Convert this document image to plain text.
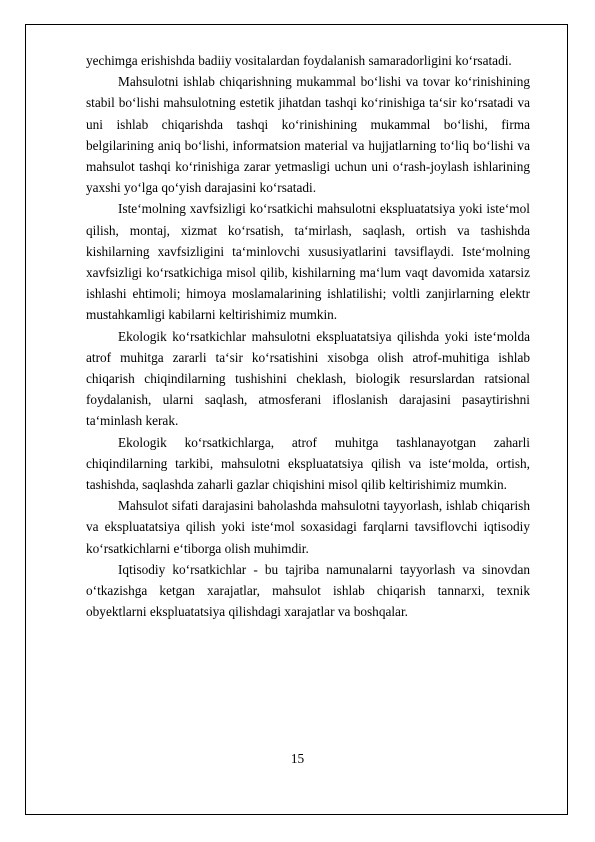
yechimga erishishda badiiy vositalardan foydalanish samaradorligini koʻrsatadi.

Mahsulotni ishlab chiqarishning mukammal boʻlishi va tovar koʻrinishining stabil boʻlishi mahsulotning estetik jihatdan tashqi koʻrinishiga taʻsir koʻrsatadi va uni ishlab chiqarishda tashqi koʻrinishining mukammal boʻlishi, firma belgilarining aniq boʻlishi, informatsion material va hujjatlarning toʻliq boʻlishi va mahsulot tashqi koʻrinishiga zarar yetmasligi uchun uni oʻrash-joylash ishlarining yaxshi yoʻlga qoʻyish darajasini koʻrsatadi.

Isteʻmolning xavfsizligi koʻrsatkichi mahsulotni ekspluatatsiya yoki isteʻmol qilish, montaj, xizmat koʻrsatish, taʻmirlash, saqlash, ortish va tashishda kishilarning xavfsizligini taʻminlovchi xususiyatlarini tavsiflaydi. Isteʻmolning xavfsizligi koʻrsatkichiga misol qilib, kishilarning maʻlum vaqt davomida xatarsiz ishlashi ehtimoli; himoya moslamalarining ishlatilishi; voltli zanjirlarning elektr mustahkamligi kabilarni keltirishimiz mumkin.

Ekologik koʻrsatkichlar mahsulotni ekspluatatsiya qilishda yoki isteʻmolda atrof muhitga zararli taʻsir koʻrsatishini xisobga olish atrof-muhitiga ishlab chiqarish chiqindilarning tushishini cheklash, biologik resurslardan ratsional foydalanish, ularni saqlash, atmosferani ifloslanish darajasini pasaytirishni taʻminlash kerak.

Ekologik koʻrsatkichlarga, atrof muhitga tashlanayotgan zaharli chiqindilarning tarkibi, mahsulotni ekspluatatsiya qilish va isteʻmolda, ortish, tashishda, saqlashda zaharli gazlar chiqishini misol qilib keltirishimiz mumkin.

Mahsulot sifati darajasini baholashda mahsulotni tayyorlash, ishlab chiqarish va ekspluatatsiya qilish yoki isteʻmol soxasidagi farqlarni tavsiflovchi iqtisodiy koʻrsatkichlarni eʻtiborga olish muhimdir.

Iqtisodiy koʻrsatkichlar - bu tajriba namunalarni tayyorlash va sinovdan oʻtkazishga ketgan xarajatlar, mahsulot ishlab chiqarish tannarxi, texnik obyektlarni ekspluatatsiya qilishdagi xarajatlar va boshqalar.

15
